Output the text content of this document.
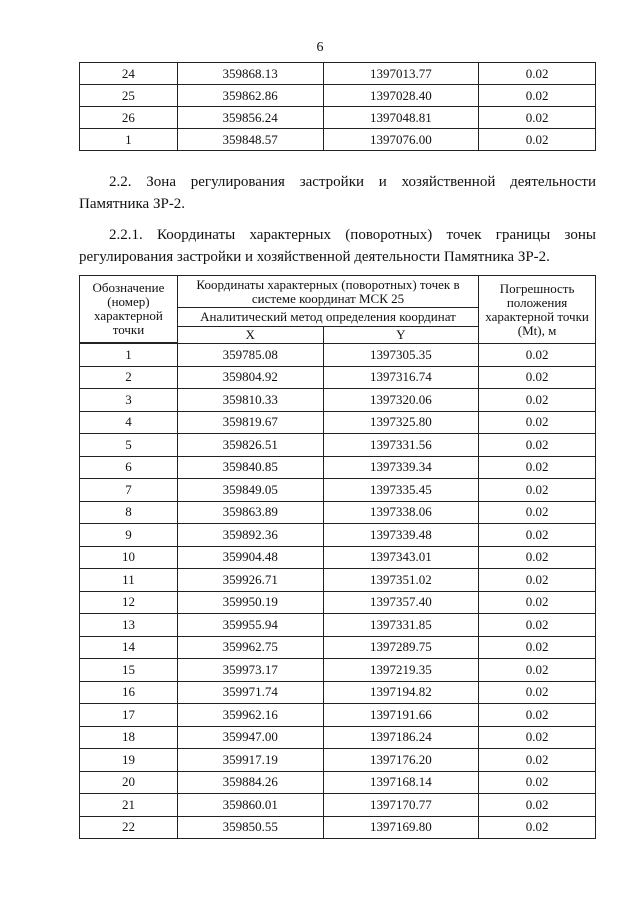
6
24	359868.13	1397013.77	0.02
25	359862.86	1397028.40	0.02
26	359856.24	1397048.81	0.02
1	359848.57	1397076.00	0.02

2.2. Зона регулирования застройки и хозяйственной деятельности
Памятника ЗР-2.

2.2.1. Координаты характерных (поворотных) точек границы зоны
регулирования застройки и хозяйственной деятельности Памятника ЗР-2.

Обозначение (номер) характерной точки	Координаты характерных (поворотных) точек в системе координат МСК 25		Погрешность положения характерной точки (Mt), м
	Аналитический метод определения координат		
	X	Y	

1	359785.08	1397305.35	0.02
2	359804.92	1397316.74	0.02
3	359810.33	1397320.06	0.02
4	359819.67	1397325.80	0.02
5	359826.51	1397331.56	0.02
6	359840.85	1397339.34	0.02
7	359849.05	1397335.45	0.02
8	359863.89	1397338.06	0.02
9	359892.36	1397339.48	0.02
10	359904.48	1397343.01	0.02
11	359926.71	1397351.02	0.02
12	359950.19	1397357.40	0.02
13	359955.94	1397331.85	0.02
14	359962.75	1397289.75	0.02
15	359973.17	1397219.35	0.02
16	359971.74	1397194.82	0.02
17	359962.16	1397191.66	0.02
18	359947.00	1397186.24	0.02
19	359917.19	1397176.20	0.02
20	359884.26	1397168.14	0.02
21	359860.01	1397170.77	0.02
22	359850.55	1397169.80	0.02
